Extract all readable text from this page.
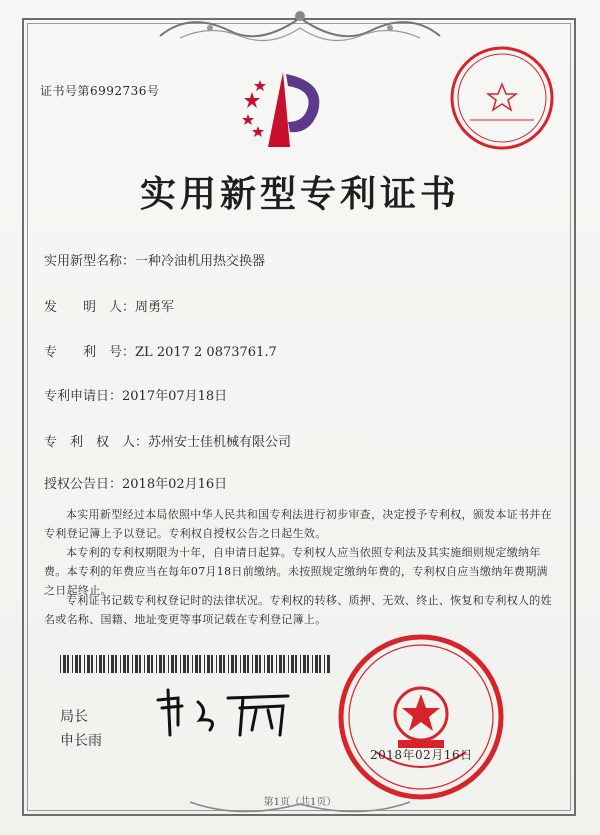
证书号第6992736号
实用新型专利证书
实用新型名称：一种冷油机用热交换器
发　　明　人：周勇军
专　　利　号：ZL 2017 2 0873761.7
专利申请日：2017年07月18日
专　利　权　人：苏州安士佳机械有限公司
授权公告日：2018年02月16日
本实用新型经过本局依照中华人民共和国专利法进行初步审查，决定授予专利权，颁发本证书并在专利登记簿上予以登记。专利权自授权公告之日起生效。
本专利的专利权期限为十年，自申请日起算。专利权人应当依照专利法及其实施细则规定缴纳年费。本专利的年费应当在每年07月18日前缴纳。未按照规定缴纳年费的，专利权自应当缴纳年费期满之日起终止。
专利证书记载专利权登记时的法律状况。专利权的转移、质押、无效、终止、恢复和专利权人的姓名或名称、国籍、地址变更等事项记载在专利登记簿上。
局长
申长雨
2018年02月16日
第1页（共1页）
